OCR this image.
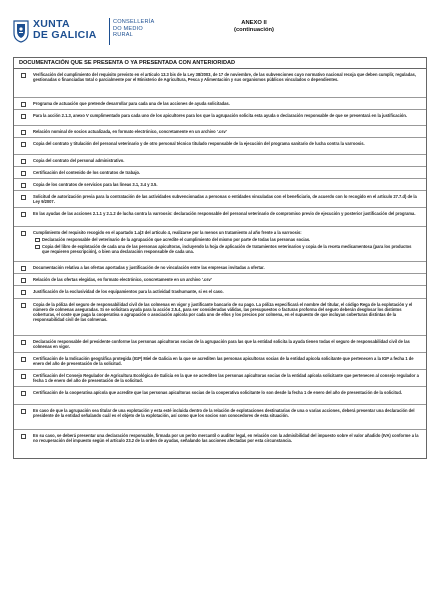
XUNTA
DE GALICIA
CONSELLERÍA
DO MEDIO
RURAL
ANEXO II
(continuación)
DOCUMENTACIÓN QUE SE PRESENTA O YA PRESENTADA CON ANTERIORIDAD
Verificación del cumplimiento del requisito previsto en el artículo 13.3 bis de la Ley 38/2003, de 17 de noviembre, de las subvenciones cuyo normativo nacional recoja que deben cumplir, reguladas, gestionadas o financiadas total o parcialmente por el Ministerio de Agricultura, Pesca y Alimentación y sus organismos públicos vinculados o dependientes.
Programa de actuación que pretende desarrollar para cada una de las acciones de ayuda solicitadas.
Para la acción 2.1.3, anexo V cumplimentado para cada uno de los apicultores para los que la agrupación solicita esta ayuda o declaración responsable de que se presentará en la justificación.
Relación nominal de socios actualizada, en formato electrónico, concretamente en un archivo '.csv'
Copia del contrato y titulación del personal veterinario y de otro personal técnico titulado responsable de la ejecución del programa sanitario de lucha contra la varroosis.
Copia del contrato del personal administrativo.
Certificación del contenido de los contratos de trabajo.
Copia de los contratos de servicios para las líneas 3.1, 3.4 y 3.5.
Solicitud de autorización previa para la contratación de las actividades subvencionadas a personas o entidades vinculadas con el beneficiario, de acuerdo con lo recogido en el artículo 27.7.d) de la Ley 9/2007.
En las ayudas de las acciones 2.1.1 y 2.1.2 de lucha contra la varroosis: declaración responsable del personal veterinario de compromiso previo de ejecución y posterior justificación del programa.
Cumplimiento del requisito recogido en el apartado 1.a)3 del artículo 4, realizarse por la menos un tratamiento al año frente a la varroosis:
Declaración responsable del veterinario de la agrupación que acredite el cumplimiento del mismo por parte de todas las personas socias.
Copia del libro de explotación de cada una de las personas apicultoras, incluyendo la hoja de aplicación de tratamientos veterinarios y copia de la receta medicamentosa (para los productos que requieren prescripción), o bien una declaración responsable de cada una.
Documentación relativa a las ofertas aportadas y justificación de no vinculación entre las empresas invitadas a ofertar.
Relación de las ofertas elegidas, en formato electrónico, concretamente en un archivo '.csv'
Justificación de la exclusividad de los equipamientos para la actividad trashumante, si es el caso.
Copia de la póliza del seguro de responsabilidad civil de las colmenas en vigor y justificante bancario de su pago. La póliza especificará el nombre del titular, el código Rega de la explotación y el número de colmenas aseguradas. Si se solicitara ayuda para la acción 2.5.4, para ser consideradas válidas, las presupuestos o facturas proforma del seguro deberán desglosar los distintos coberturas, el coste que paga la cooperativa o agrupación o asociación apícola por cada uno de ellos y los precios por colmena, en el supuesto de que incluyan coberturas distintas de la responsabilidad civil de las colmenas.
Declaración responsable del presidente conforme las personas apicultoras socias de la agrupación para las que la entidad solicita la ayuda tienen todas el seguro de responsabilidad civil de las colmenas en vigor.
Certificación de la Indicación geográfica protegida (IGP) Miel de Galicia en la que se acrediten las personas apicultoras socias de la entidad apícola solicitante que pertenecen a la IGP a fecha 1 de enero del año de presentación de la solicitud.
Certificación del Consejo Regulador de Agricultura Ecológica de Galicia en la que se acrediten las personas apicultoras socias de la entidad apícola solicitante que pertenecen al consejo regulador a fecha 1 de enero del año de presentación de la solicitud.
Certificación de la cooperativa apícola que acredite que las personas apicultoras socias de la cooperativa solicitante lo son desde la fecha 1 de enero del año de presentación de la solicitud.
En caso de que la agrupación sea titular de una explotación y esta esté incluida dentro de la relación de explotaciones destinatarias de una o varias acciones, deberá presentar una declaración del presidente de la entidad señalando cuál es el objeto de la explotación, así como que los socios son conocedores de esta situación.
En su caso, se deberá presentar una declaración responsable, firmada por un perito mercantil o auditor legal, en relación con la admisibilidad del impuesto sobre el valor añadido (IVA) conforme a la no recuperación del impuesto según el artículo 23.2 de la orden de ayudas, señalando las acciones afectadas por esta circunstancia.
